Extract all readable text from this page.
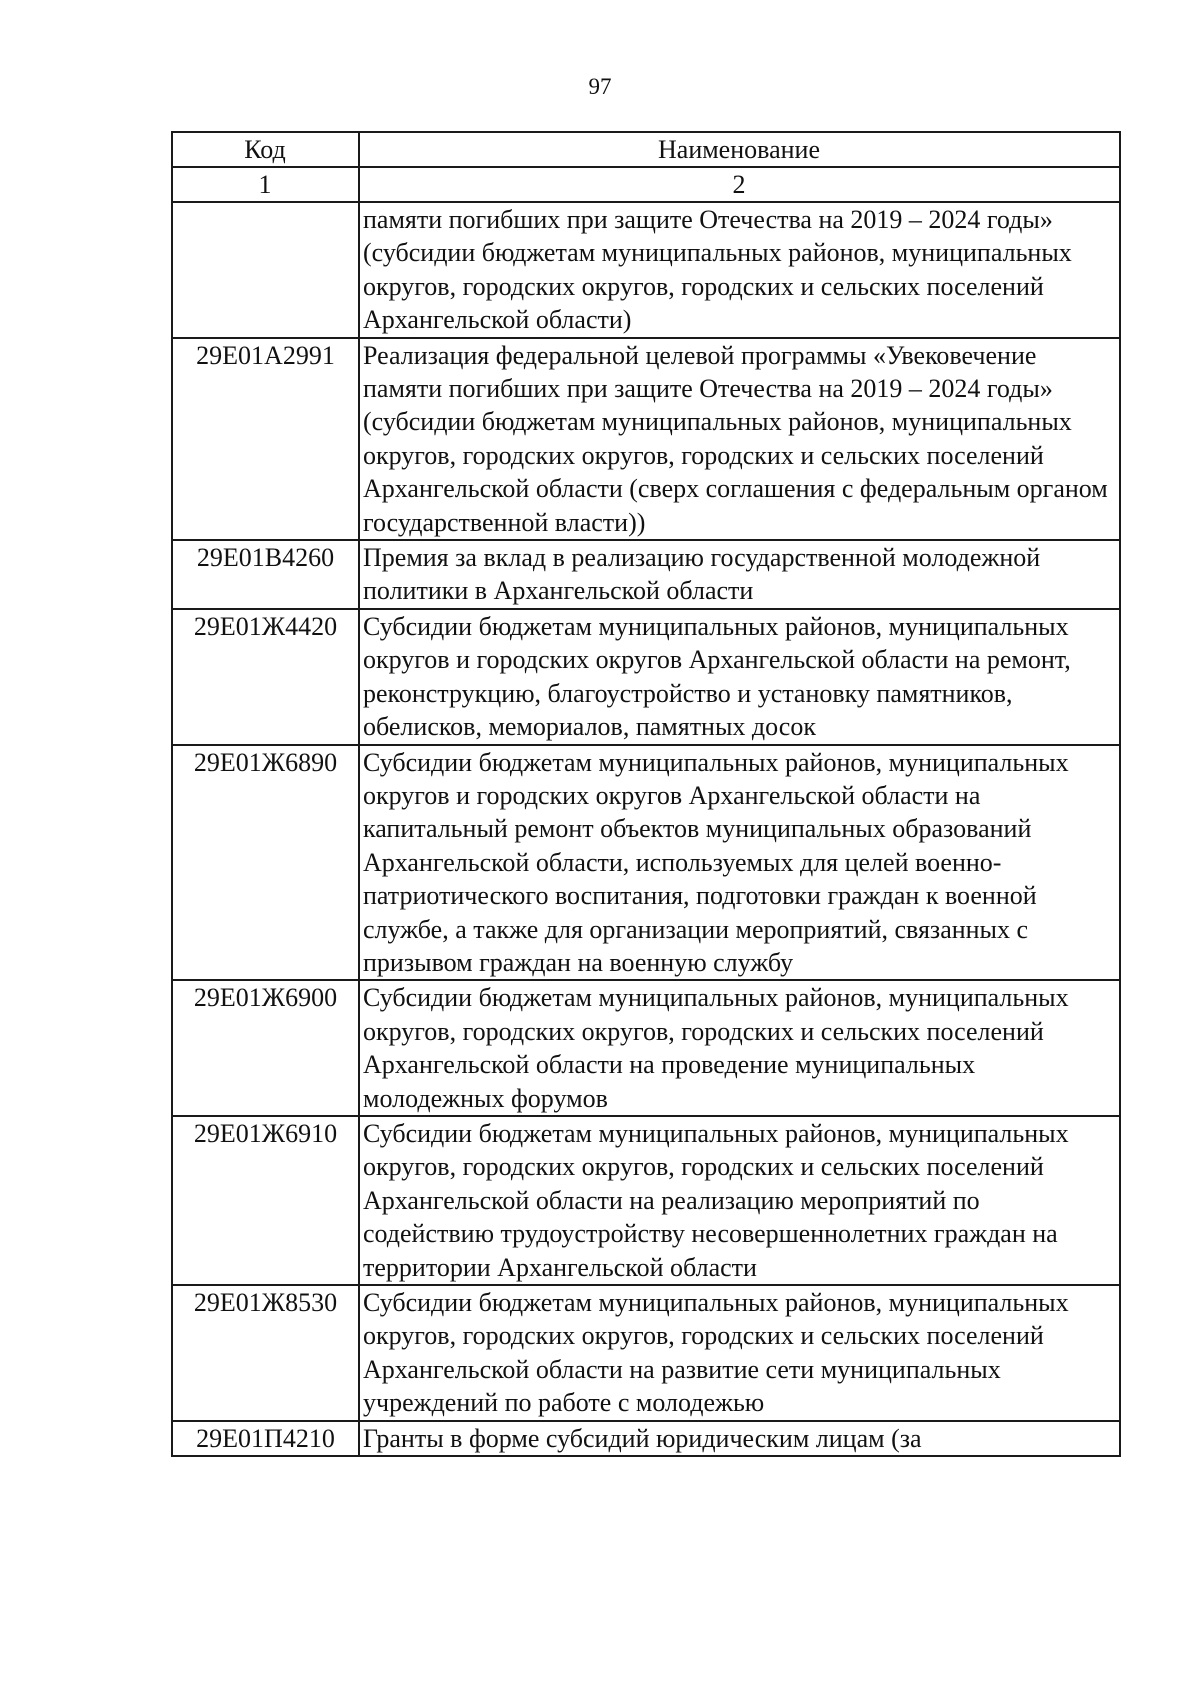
97
Код	Наименование
1	2
	памяти погибших при защите Отечества на 2019 – 2024 годы» (субсидии бюджетам муниципальных районов, муниципальных округов, городских округов, городских и сельских поселений Архангельской области)
29Е01А2991	Реализация федеральной целевой программы «Увековечение памяти погибших при защите Отечества на 2019 – 2024 годы» (субсидии бюджетам муниципальных районов, муниципальных округов, городских округов, городских и сельских поселений Архангельской области (сверх соглашения с федеральным органом государственной власти))
29Е01В4260	Премия за вклад в реализацию государственной молодежной политики в Архангельской области
29Е01Ж4420	Субсидии бюджетам муниципальных районов, муниципальных округов и городских округов Архангельской области на ремонт, реконструкцию, благоустройство и установку памятников, обелисков, мемориалов, памятных досок
29Е01Ж6890	Субсидии бюджетам муниципальных районов, муниципальных округов и городских округов Архангельской области на капитальный ремонт объектов муниципальных образований Архангельской области, используемых для целей военно-патриотического воспитания, подготовки граждан к военной службе, а также для организации мероприятий, связанных с призывом граждан на военную службу
29Е01Ж6900	Субсидии бюджетам муниципальных районов, муниципальных округов, городских округов, городских и сельских поселений Архангельской области на проведение муниципальных молодежных форумов
29Е01Ж6910	Субсидии бюджетам муниципальных районов, муниципальных округов, городских округов, городских и сельских поселений Архангельской области на реализацию мероприятий по содействию трудоустройству несовершеннолетних граждан на территории Архангельской области
29Е01Ж8530	Субсидии бюджетам муниципальных районов, муниципальных округов, городских округов, городских и сельских поселений Архангельской области на развитие сети муниципальных учреждений по работе с молодежью
29Е01П4210	Гранты в форме субсидий юридическим лицам (за
